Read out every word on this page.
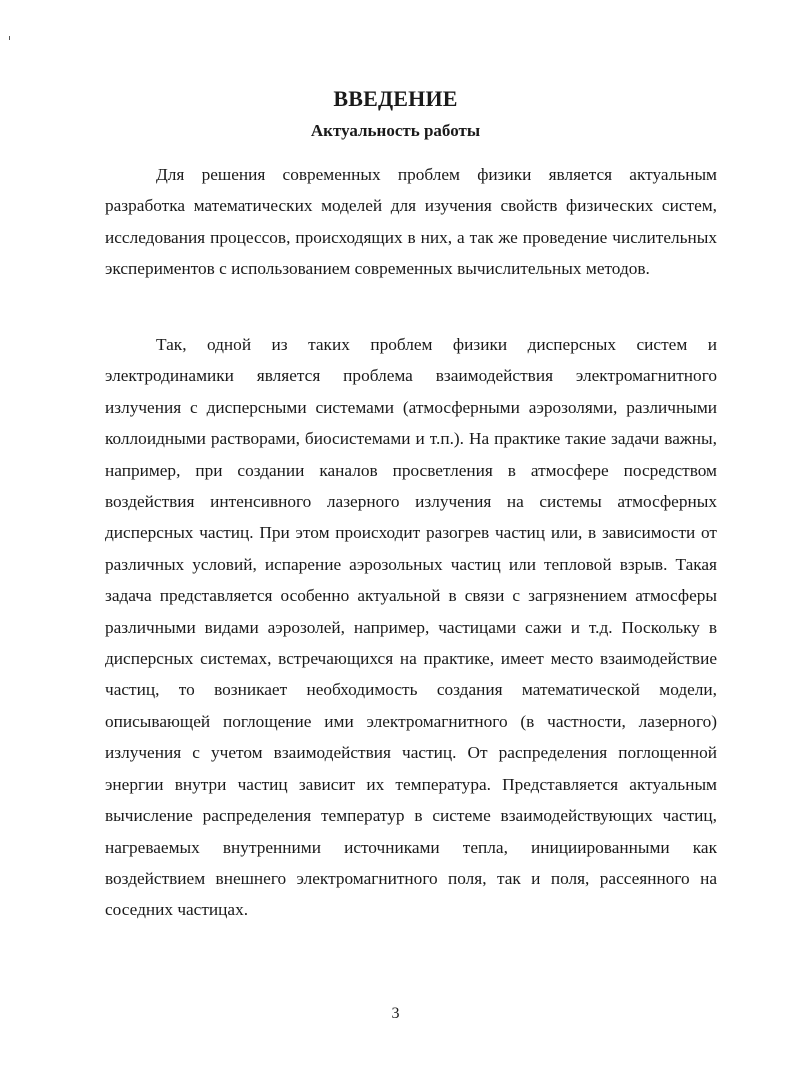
ВВЕДЕНИЕ
Актуальность работы

Для решения современных проблем физики является актуальным разработка математических моделей для изучения свойств физических систем, исследования процессов, происходящих в них, а так же проведение числительных экспериментов с использованием современных вычислительных методов.

Так, одной из таких проблем физики дисперсных систем и электродинамики является проблема взаимодействия электромагнитного излучения с дисперсными системами (атмосферными аэрозолями, различными коллоидными растворами, биосистемами и т.п.). На практике такие задачи важны, например, при создании каналов просветления в атмосфере посредством воздействия интенсивного лазерного излучения на системы атмосферных дисперсных частиц. При этом происходит разогрев частиц или, в зависимости от различных условий, испарение аэрозольных частиц или тепловой взрыв. Такая задача представляется особенно актуальной в связи с загрязнением атмосферы различными видами аэрозолей, например, частицами сажи и т.д. Поскольку в дисперсных системах, встречающихся на практике, имеет место взаимодействие частиц, то возникает необходимость создания математической модели, описывающей поглощение ими электромагнитного (в частности, лазерного) излучения с учетом взаимодействия частиц. От распределения поглощенной энергии внутри частиц зависит их температура. Представляется актуальным вычисление распределения температур в системе взаимодействующих частиц, нагреваемых внутренними источниками тепла, инициированными как воздействием внешнего электромагнитного поля, так и поля, рассеянного на соседних частицах.

3
